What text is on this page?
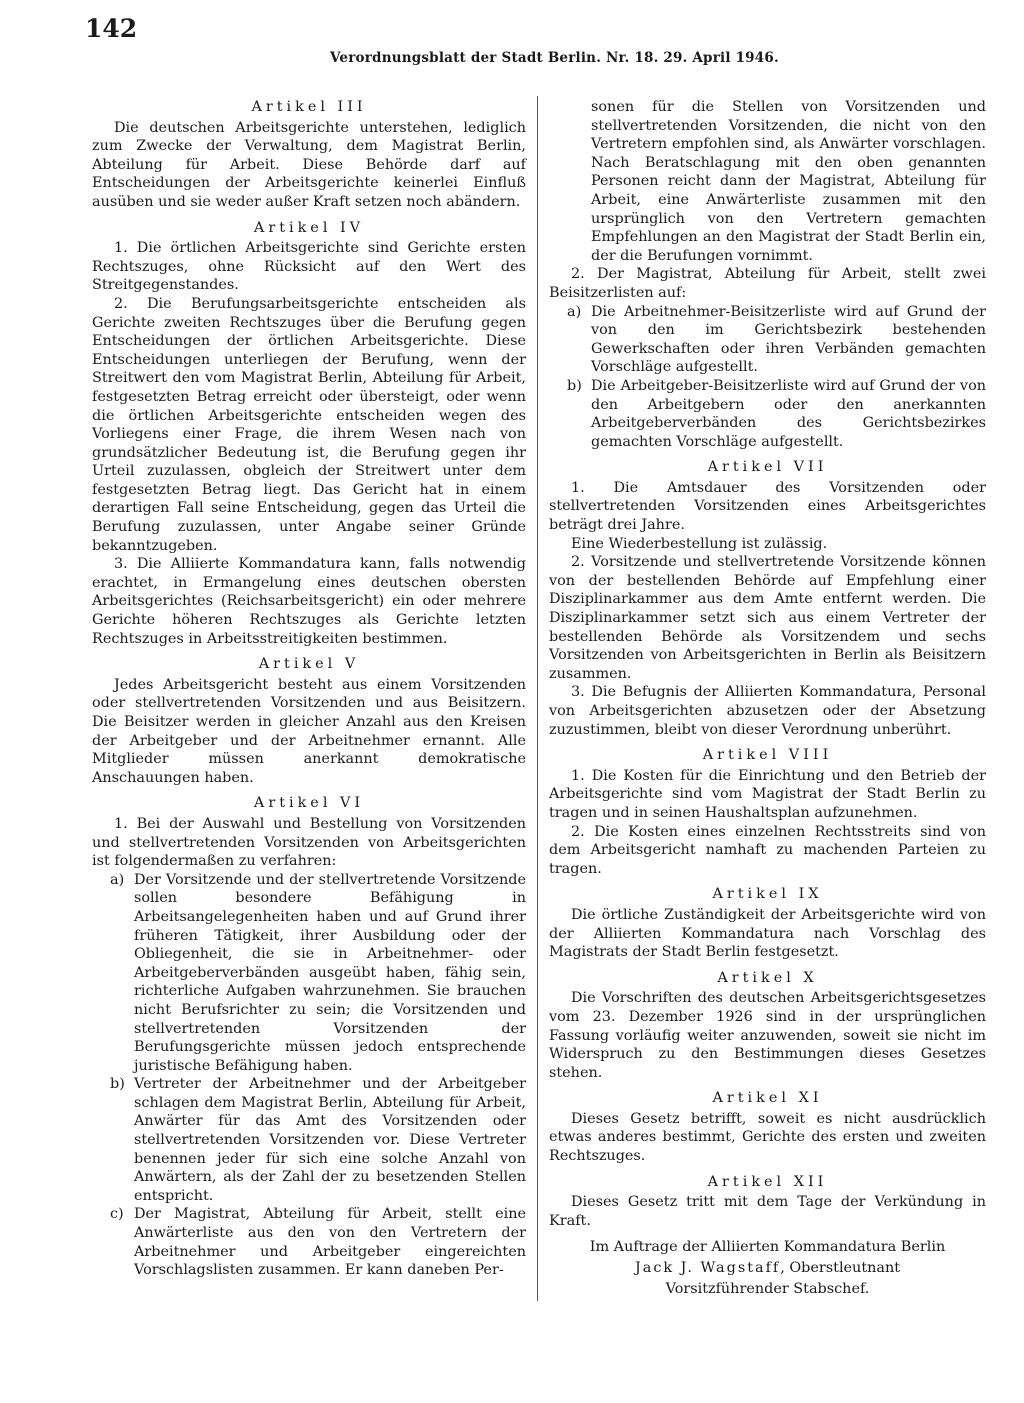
142
Verordnungsblatt der Stadt Berlin. Nr. 18. 29. April 1946.
Artikel III

Die deutschen Arbeitsgerichte unterstehen, lediglich zum Zwecke der Verwaltung, dem Magistrat Berlin, Abteilung für Arbeit. Diese Behörde darf auf Entscheidungen der Arbeitsgerichte keinerlei Einfluß ausüben und sie weder außer Kraft setzen noch abändern.

Artikel IV

1. Die örtlichen Arbeitsgerichte sind Gerichte ersten Rechtszuges, ohne Rücksicht auf den Wert des Streitgegenstandes.

2. Die Berufungsarbeitsgerichte entscheiden als Gerichte zweiten Rechtszuges über die Berufung gegen Entscheidungen der örtlichen Arbeitsgerichte. Diese Entscheidungen unterliegen der Berufung, wenn der Streitwert den vom Magistrat Berlin, Abteilung für Arbeit, festgesetzten Betrag erreicht oder übersteigt, oder wenn die örtlichen Arbeitsgerichte entscheiden wegen des Vorliegens einer Frage, die ihrem Wesen nach von grundsätzlicher Bedeutung ist, die Berufung gegen ihr Urteil zuzulassen, obgleich der Streitwert unter dem festgesetzten Betrag liegt. Das Gericht hat in einem derartigen Fall seine Entscheidung, gegen das Urteil die Berufung zuzulassen, unter Angabe seiner Gründe bekanntzugeben.

3. Die Alliierte Kommandatura kann, falls notwendig erachtet, in Ermangelung eines deutschen obersten Arbeitsgerichtes (Reichsarbeitsgericht) ein oder mehrere Gerichte höheren Rechtszuges als Gerichte letzten Rechtszuges in Arbeitsstreitigkeiten bestimmen.

Artikel V

Jedes Arbeitsgericht besteht aus einem Vorsitzenden oder stellvertretenden Vorsitzenden und aus Beisitzern. Die Beisitzer werden in gleicher Anzahl aus den Kreisen der Arbeitgeber und der Arbeitnehmer ernannt. Alle Mitglieder müssen anerkannt demokratische Anschauungen haben.

Artikel VI

1. Bei der Auswahl und Bestellung von Vorsitzenden und stellvertretenden Vorsitzenden von Arbeitsgerichten ist folgendermaßen zu verfahren:

a) Der Vorsitzende und der stellvertretende Vorsitzende sollen besondere Befähigung in Arbeitsangelegenheiten haben und auf Grund ihrer früheren Tätigkeit, ihrer Ausbildung oder der Obliegenheit, die sie in Arbeitnehmer- oder Arbeitgeberverbänden ausgeübt haben, fähig sein, richterliche Aufgaben wahrzunehmen. Sie brauchen nicht Berufsrichter zu sein; die Vorsitzenden und stellvertretenden Vorsitzenden der Berufungsgerichte müssen jedoch entsprechende juristische Befähigung haben.
b) Vertreter der Arbeitnehmer und der Arbeitgeber schlagen dem Magistrat Berlin, Abteilung für Arbeit, Anwärter für das Amt des Vorsitzenden oder stellvertretenden Vorsitzenden vor. Diese Vertreter benennen jeder für sich eine solche Anzahl von Anwärtern, als der Zahl der zu besetzenden Stellen entspricht.
c) Der Magistrat, Abteilung für Arbeit, stellt eine Anwärterliste aus den von den Vertretern der Arbeitnehmer und Arbeitgeber eingereichten Vorschlagslisten zusammen. Er kann daneben Per-
sonen für die Stellen von Vorsitzenden und stellvertretenden Vorsitzenden, die nicht von den Vertretern empfohlen sind, als Anwärter vorschlagen. Nach Beratschlagung mit den oben genannten Personen reicht dann der Magistrat, Abteilung für Arbeit, eine Anwärterliste zusammen mit den ursprünglich von den Vertretern gemachten Empfehlungen an den Magistrat der Stadt Berlin ein, der die Berufungen vornimmt.

2. Der Magistrat, Abteilung für Arbeit, stellt zwei Beisitzerlisten auf:

a) Die Arbeitnehmer-Beisitzerliste wird auf Grund der von den im Gerichtsbezirk bestehenden Gewerkschaften oder ihren Verbänden gemachten Vorschläge aufgestellt.
b) Die Arbeitgeber-Beisitzerliste wird auf Grund der von den Arbeitgebern oder den anerkannten Arbeitgeberverbänden des Gerichtsbezirkes gemachten Vorschläge aufgestellt.
Artikel VII

1. Die Amtsdauer des Vorsitzenden oder stellvertretenden Vorsitzenden eines Arbeitsgerichtes beträgt drei Jahre.

Eine Wiederbestellung ist zulässig.

2. Vorsitzende und stellvertretende Vorsitzende können von der bestellenden Behörde auf Empfehlung einer Disziplinarkammer aus dem Amte entfernt werden. Die Disziplinarkammer setzt sich aus einem Vertreter der bestellenden Behörde als Vorsitzendem und sechs Vorsitzenden von Arbeitsgerichten in Berlin als Beisitzern zusammen.

3. Die Befugnis der Alliierten Kommandatura, Personal von Arbeitsgerichten abzusetzen oder der Absetzung zuzustimmen, bleibt von dieser Verordnung unberührt.

Artikel VIII

1. Die Kosten für die Einrichtung und den Betrieb der Arbeitsgerichte sind vom Magistrat der Stadt Berlin zu tragen und in seinen Haushaltsplan aufzunehmen.

2. Die Kosten eines einzelnen Rechtsstreits sind von dem Arbeitsgericht namhaft zu machenden Parteien zu tragen.

Artikel IX

Die örtliche Zuständigkeit der Arbeitsgerichte wird von der Alliierten Kommandatura nach Vorschlag des Magistrats der Stadt Berlin festgesetzt.

Artikel X

Die Vorschriften des deutschen Arbeitsgerichtsgesetzes vom 23. Dezember 1926 sind in der ursprünglichen Fassung vorläufig weiter anzuwenden, soweit sie nicht im Widerspruch zu den Bestimmungen dieses Gesetzes stehen.

Artikel XI

Dieses Gesetz betrifft, soweit es nicht ausdrücklich etwas anderes bestimmt, Gerichte des ersten und zweiten Rechtszuges.

Artikel XII

Dieses Gesetz tritt mit dem Tage der Verkündung in Kraft.

Im Auftrage der Alliierten Kommandatura Berlin

Jack J. Wagstaff, Oberstleutnant

Vorsitzführender Stabschef.
